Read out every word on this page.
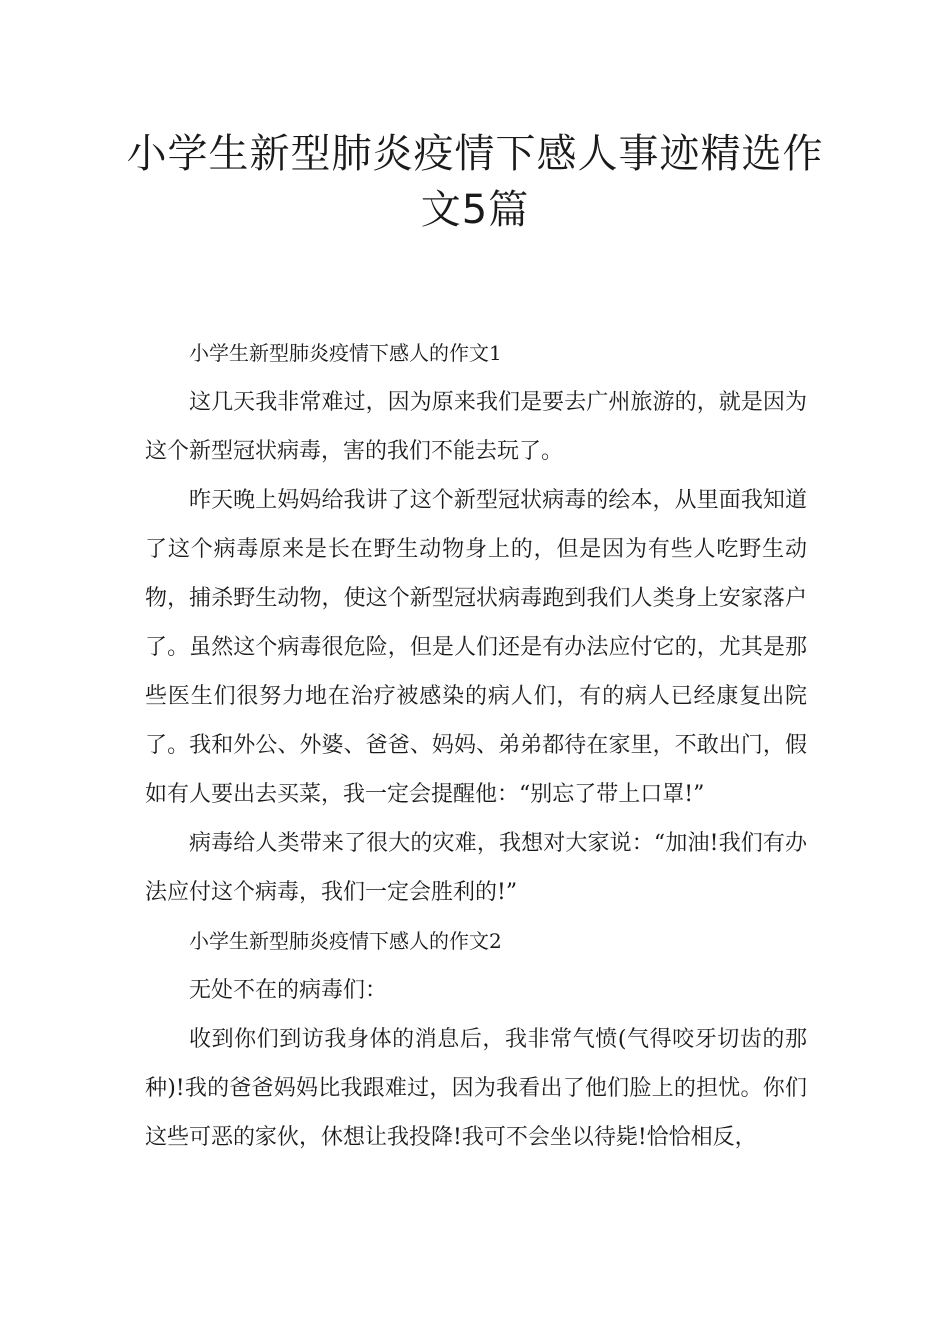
小学生新型肺炎疫情下感人事迹精选作
文5篇

小学生新型肺炎疫情下感人的作文1

这几天我非常难过，因为原来我们是要去广州旅游的，就是因为这个新型冠状病毒，害的我们不能去玩了。

昨天晚上妈妈给我讲了这个新型冠状病毒的绘本，从里面我知道了这个病毒原来是长在野生动物身上的，但是因为有些人吃野生动物，捕杀野生动物，使这个新型冠状病毒跑到我们人类身上安家落户了。虽然这个病毒很危险，但是人们还是有办法应付它的，尤其是那些医生们很努力地在治疗被感染的病人们，有的病人已经康复出院了。我和外公、外婆、爸爸、妈妈、弟弟都待在家里，不敢出门，假如有人要出去买菜，我一定会提醒他：“别忘了带上口罩!”

病毒给人类带来了很大的灾难，我想对大家说：“加油!我们有办法应付这个病毒，我们一定会胜利的!”

小学生新型肺炎疫情下感人的作文2

无处不在的病毒们：

收到你们到访我身体的消息后，我非常气愤(气得咬牙切齿的那种)!我的爸爸妈妈比我跟难过，因为我看出了他们脸上的担忧。你们这些可恶的家伙，休想让我投降!我可不会坐以待毙!恰恰相反，
